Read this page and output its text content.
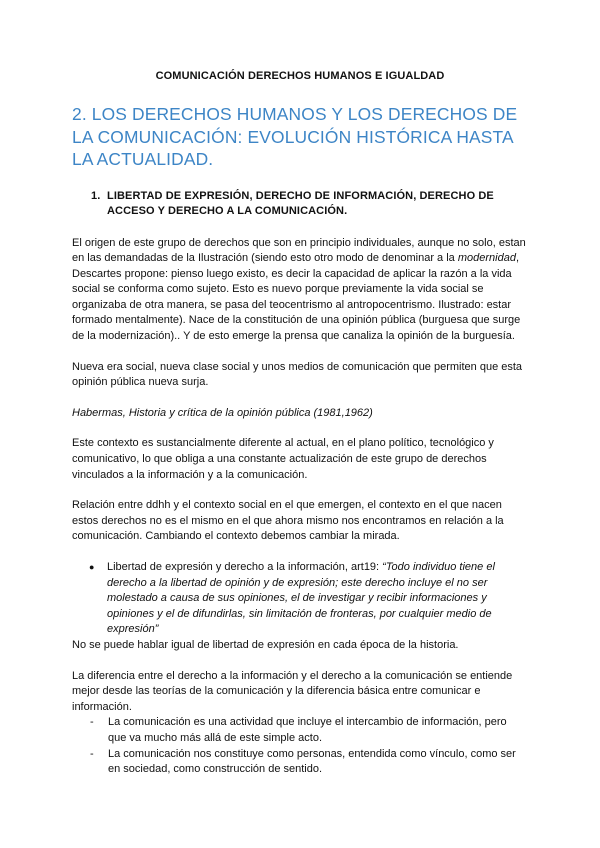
COMUNICACIÓN DERECHOS HUMANOS E IGUALDAD
2. LOS DERECHOS HUMANOS Y LOS DERECHOS DE LA COMUNICACIÓN: EVOLUCIÓN HISTÓRICA HASTA LA ACTUALIDAD.
1. LIBERTAD DE EXPRESIÓN, DERECHO DE INFORMACIÓN, DERECHO DE ACCESO Y DERECHO A LA COMUNICACIÓN.

El origen de este grupo de derechos que son en principio individuales, aunque no solo, estan en las demandadas de la Ilustración (siendo esto otro modo de denominar a la modernidad, Descartes propone: pienso luego existo, es decir la capacidad de aplicar la razón a la vida social se conforma como sujeto. Esto es nuevo porque previamente la vida social se organizaba de otra manera, se pasa del teocentrismo al antropocentrismo. Ilustrado: estar formado mentalmente). Nace de la constitución de una opinión pública (burguesa que surge de la modernización).. Y de esto emerge la prensa que canaliza la opinión de la burguesía.

Nueva era social, nueva clase social y unos medios de comunicación que permiten que esta opinión pública nueva surja.

Habermas, Historia y crítica de la opinión pública (1981,1962)

Este contexto es sustancialmente diferente al actual, en el plano político, tecnológico y comunicativo, lo que obliga a una constante actualización de este grupo de derechos vinculados a la información y a la comunicación.

Relación entre ddhh y el contexto social en el que emergen, el contexto en el que nacen estos derechos no es el mismo en el que ahora mismo nos encontramos en relación a la comunicación. Cambiando el contexto debemos cambiar la mirada.

●	Libertad de expresión y derecho a la información, art19: “Todo individuo tiene el derecho a la libertad de opinión y de expresión; este derecho incluye el no ser molestado a causa de sus opiniones, el de investigar y recibir informaciones y opiniones y el de difundirlas, sin limitación de fronteras, por cualquier medio de expresión”

No se puede hablar igual de libertad de expresión en cada época de la historia.

La diferencia entre el derecho a la información y el derecho a la comunicación se entiende mejor desde las teorías de la comunicación y la diferencia básica entre comunicar e información.

-	La comunicación es una actividad que incluye el intercambio de información, pero que va mucho más allá de este simple acto.
-	La comunicación nos constituye como personas, entendida como vínculo, como ser en sociedad, como construcción de sentido.
